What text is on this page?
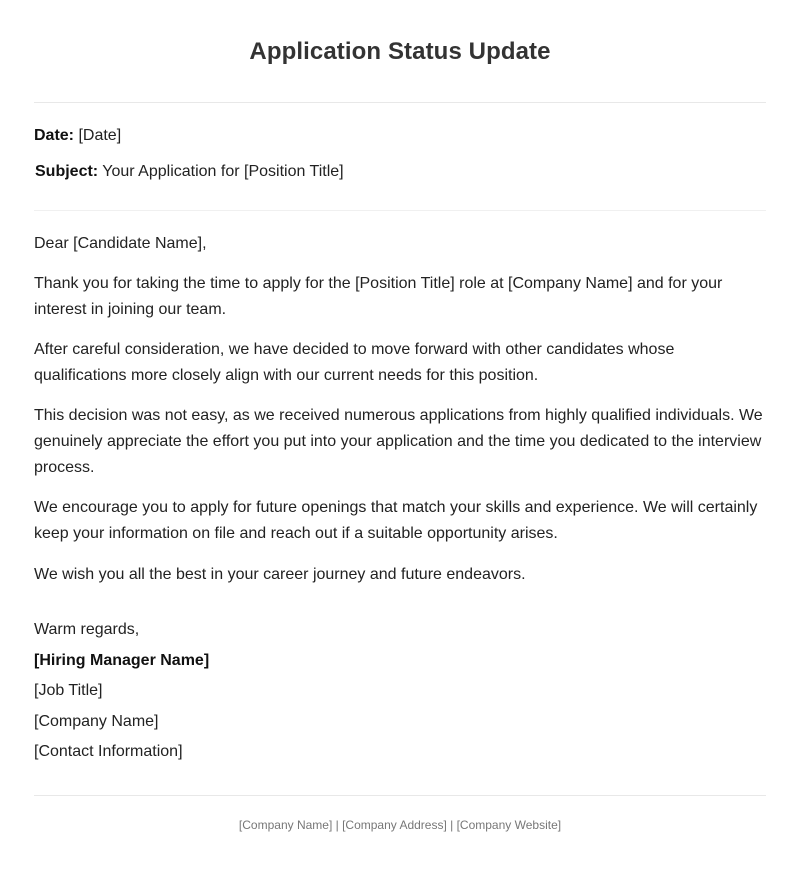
Application Status Update
Date: [Date]
Subject: Your Application for [Position Title]
Dear [Candidate Name],
Thank you for taking the time to apply for the [Position Title] role at [Company Name] and for your interest in joining our team.
After careful consideration, we have decided to move forward with other candidates whose qualifications more closely align with our current needs for this position.
This decision was not easy, as we received numerous applications from highly qualified individuals. We genuinely appreciate the effort you put into your application and the time you dedicated to the interview process.
We encourage you to apply for future openings that match your skills and experience. We will certainly keep your information on file and reach out if a suitable opportunity arises.
We wish you all the best in your career journey and future endeavors.
Warm regards,
[Hiring Manager Name]
[Job Title]
[Company Name]
[Contact Information]
[Company Name] | [Company Address] | [Company Website]
